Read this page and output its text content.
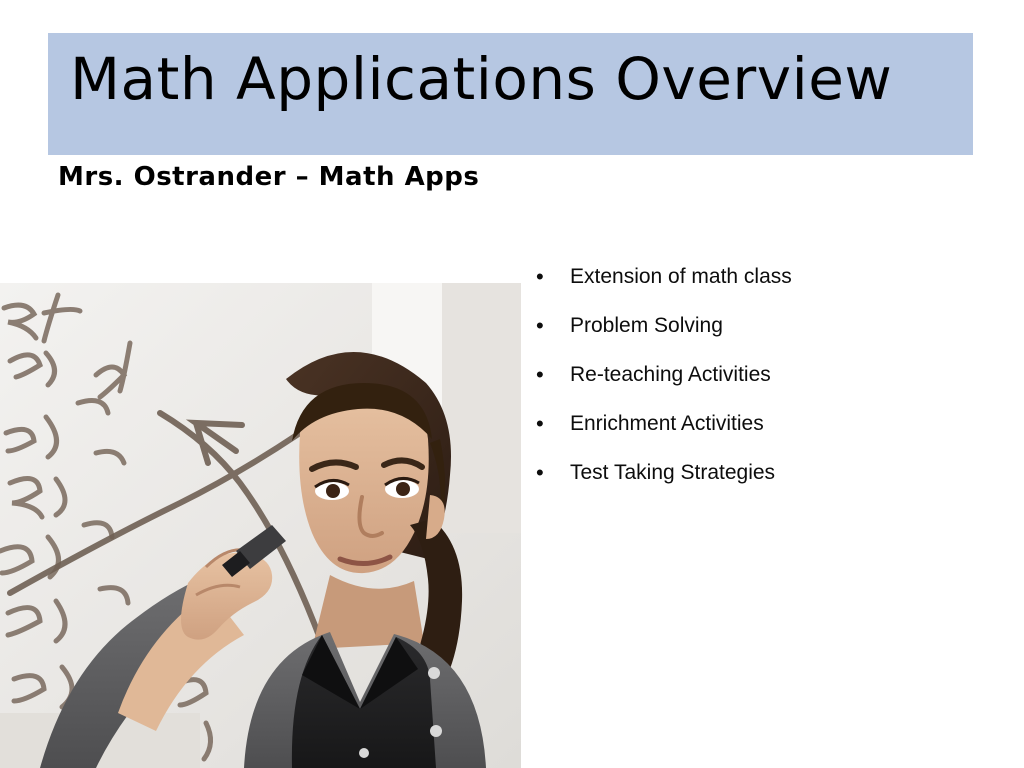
Math Applications Overview
Mrs. Ostrander – Math Apps
• Extension of math class
• Problem Solving
• Re-teaching Activities
• Enrichment Activities
• Test Taking Strategies
